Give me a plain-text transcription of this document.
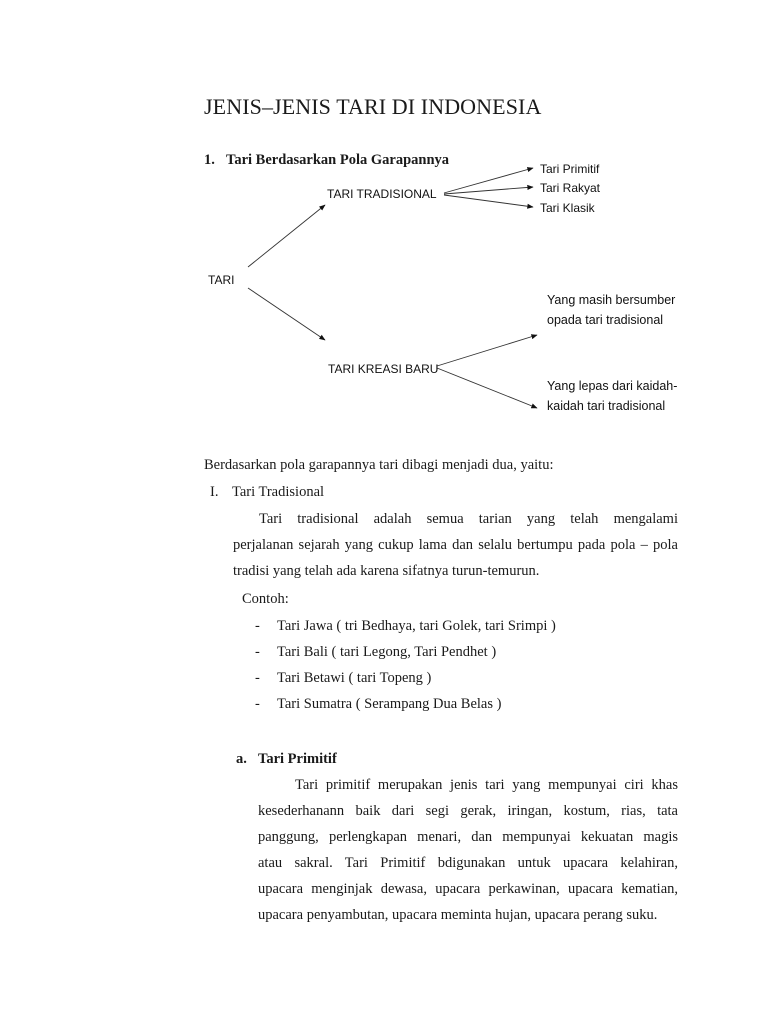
JENIS–JENIS TARI DI INDONESIA
1. Tari Berdasarkan Pola Garapannya
TARI
TARI TRADISIONAL
TARI KREASI BARU
Tari Primitif
Tari Rakyat
Tari Klasik
Yang masih bersumber
opada tari tradisional
Yang lepas dari kaidah-
kaidah tari tradisional
Berdasarkan pola garapannya tari dibagi menjadi dua, yaitu:
I. Tari Tradisional
Tari tradisional adalah semua tarian yang telah mengalami
perjalanan sejarah yang cukup lama dan selalu bertumpu pada pola – pola
tradisi yang telah ada karena sifatnya turun-temurun.
Contoh:
- Tari Jawa ( tri Bedhaya, tari Golek, tari Srimpi )
- Tari Bali ( tari Legong, Tari Pendhet )
- Tari Betawi ( tari Topeng )
- Tari Sumatra ( Serampang Dua Belas )
a. Tari Primitif
Tari primitif merupakan jenis tari yang mempunyai ciri khas
kesederhanann baik dari segi gerak, iringan, kostum, rias, tata
panggung, perlengkapan menari, dan mempunyai kekuatan magis
atau sakral. Tari Primitif bdigunakan untuk upacara kelahiran,
upacara menginjak dewasa, upacara perkawinan, upacara kematian,
upacara penyambutan, upacara meminta hujan, upacara perang suku.
